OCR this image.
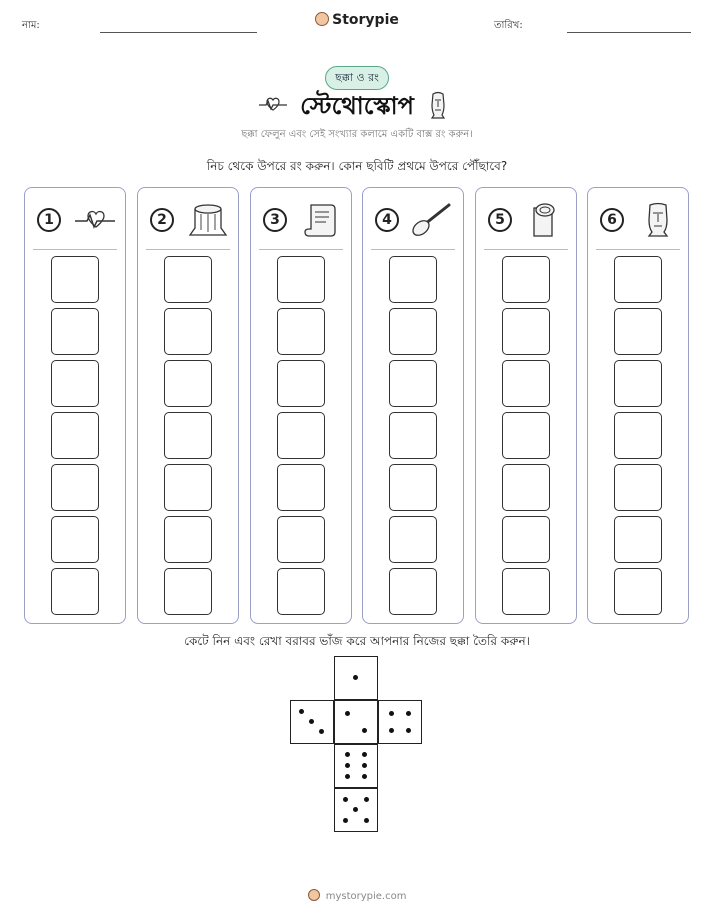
নাম:	Storypie	তারিখ:
ছক্কা ও রং
স্টেথোস্কোপ
ছক্কা ফেলুন এবং সেই সংখ্যার কলামে একটি বাক্স রং করুন।
নিচ থেকে উপরে রং করুন। কোন ছবিটি প্রথমে উপরে পৌঁছাবে?
1	2	3	4	5	6
কেটে নিন এবং রেখা বরাবর ভাঁজ করে আপনার নিজের ছক্কা তৈরি করুন।
mystorypie.com
